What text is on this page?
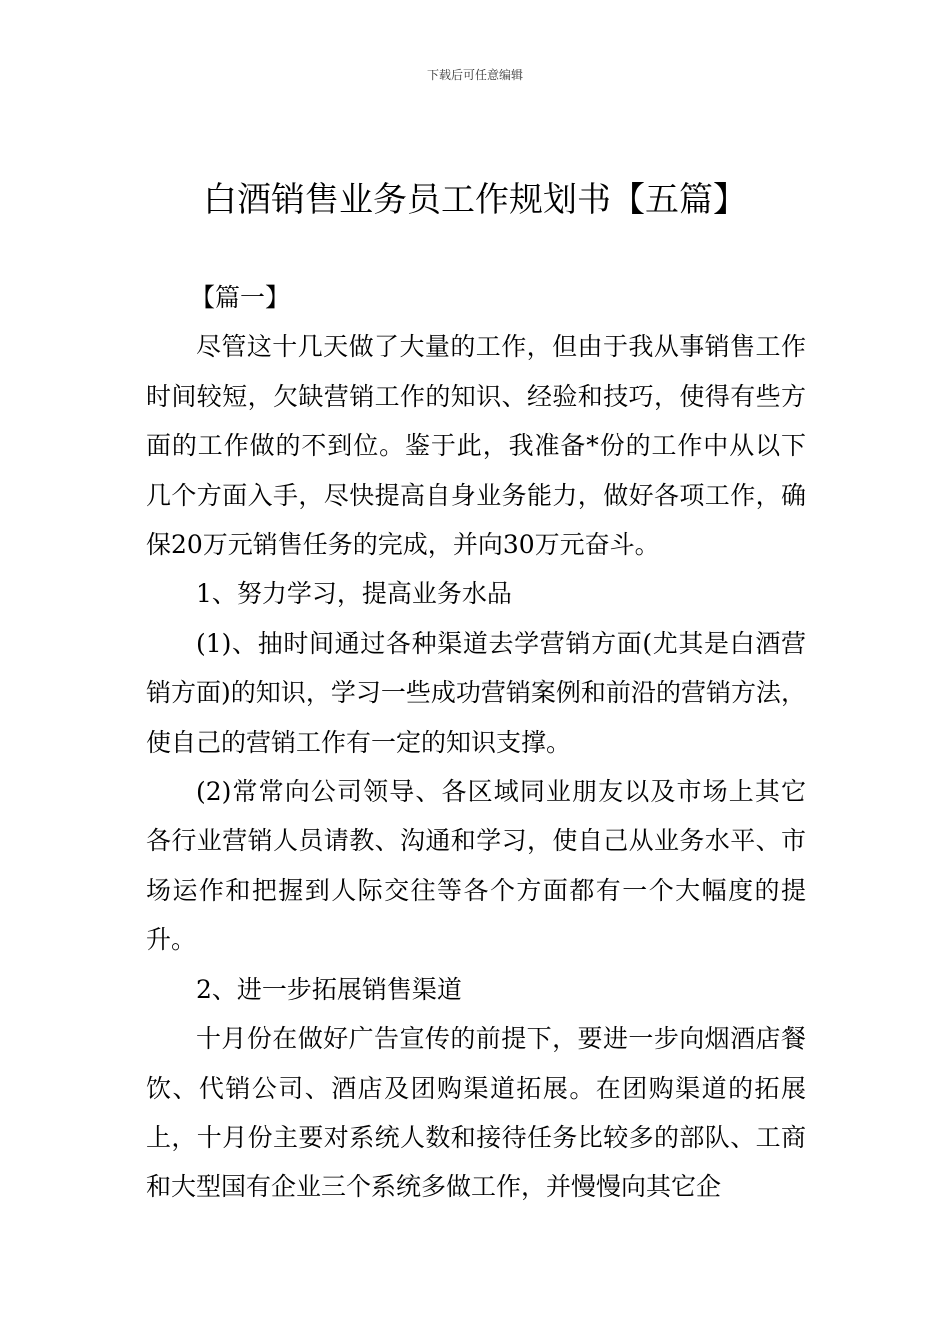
下载后可任意编辑
白酒销售业务员工作规划书【五篇】

【篇一】

尽管这十几天做了大量的工作，但由于我从事销售工作时间较短，欠缺营销工作的知识、经验和技巧，使得有些方面的工作做的不到位。鉴于此，我准备*份的工作中从以下几个方面入手，尽快提高自身业务能力，做好各项工作，确保20万元销售任务的完成，并向30万元奋斗。

1、努力学习，提高业务水品

(1)、抽时间通过各种渠道去学营销方面(尤其是白酒营销方面)的知识，学习一些成功营销案例和前沿的营销方法，使自己的营销工作有一定的知识支撑。

(2)常常向公司领导、各区域同业朋友以及市场上其它各行业营销人员请教、沟通和学习，使自己从业务水平、市场运作和把握到人际交往等各个方面都有一个大幅度的提升。

2、进一步拓展销售渠道

十月份在做好广告宣传的前提下，要进一步向烟酒店餐饮、代销公司、酒店及团购渠道拓展。在团购渠道的拓展上，十月份主要对系统人数和接待任务比较多的部队、工商和大型国有企业三个系统多做工作，并慢慢向其它企
